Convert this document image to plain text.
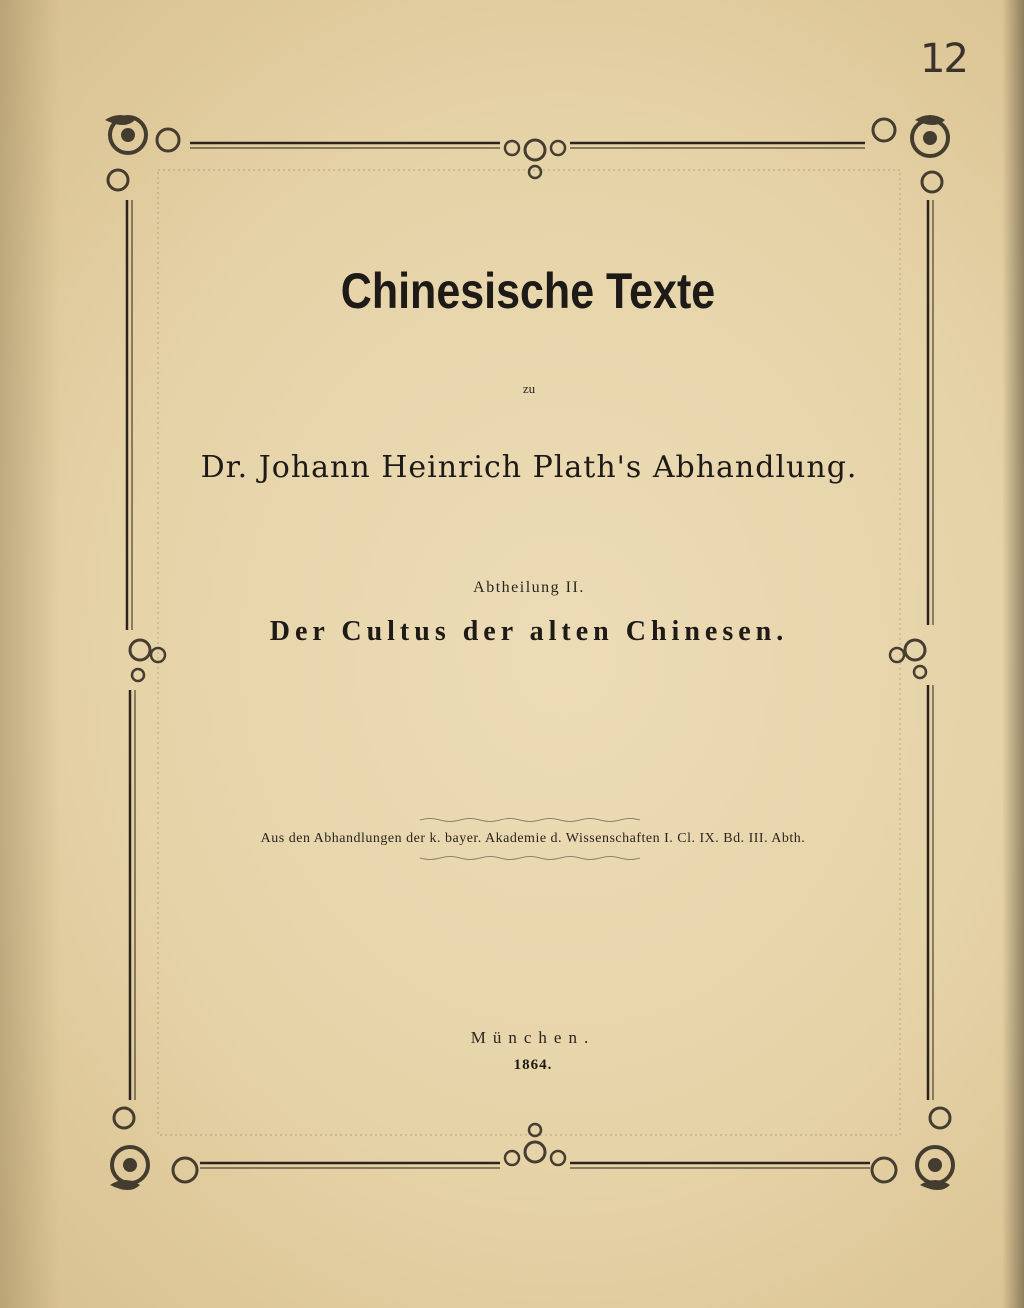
12
Chinesische Texte
zu
Dr. Johann Heinrich Plath's Abhandlung.
Abtheilung II.
Der Cultus der alten Chinesen.
Aus den Abhandlungen der k. bayer. Akademie d. Wissenschaften I. Cl. IX. Bd. III. Abth.
München.
1864.
